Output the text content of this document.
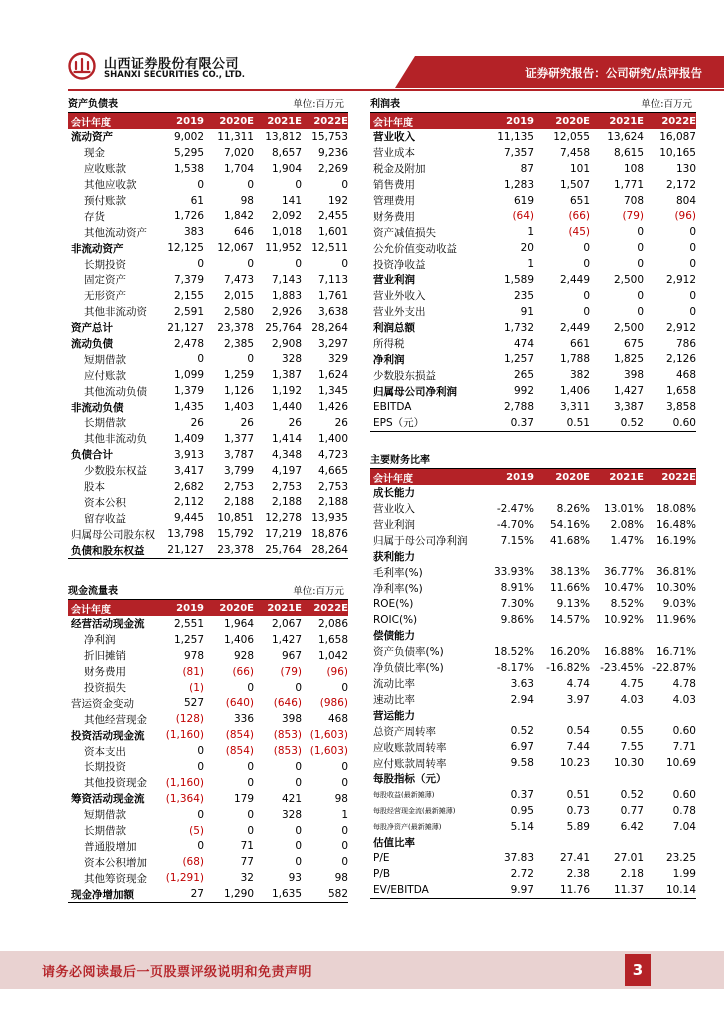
山西证券股份有限公司
SHANXI SECURITIES CO., LTD.	证券研究报告：公司研究/点评报告
资产负债表	单位:百万元
会计年度	2019	2020E	2021E	2022E
流动资产	9,002	11,311	13,812 15,753
现金	5,295	7,020	8,657	9,236
应收账款	1,538	1,704	1,904	2,269
其他应收款	0	0	0	0
预付账款	61	98	141	192
存货	1,726	1,842	2,092	2,455
其他流动资产	383	646	1,018	1,601
非流动资产	12,125	12,067	11,952 12,511
长期投资	0	0	0	0
固定资产	7,379	7,473	7,143	7,113
无形资产	2,155	2,015	1,883	1,761
其他非流动资	2,591	2,580	2,926	3,638
资产总计	21,127	23,378	25,764 28,264
流动负债	2,478	2,385	2,908	3,297
短期借款	0	0	328	329
应付账款	1,099	1,259	1,387	1,624
其他流动负债	1,379	1,126	1,192	1,345
非流动负债	1,435	1,403	1,440	1,426
长期借款	26	26	26	26
其他非流动负	1,409	1,377	1,414	1,400
负债合计	3,913	3,787	4,348	4,723
少数股东权益	3,417	3,799	4,197	4,665
股本	2,682	2,753	2,753	2,753
资本公积	2,112	2,188	2,188	2,188
留存收益	9,445	10,851	12,278 13,935
归属母公司股东权	13,798	15,792	17,219 18,876
负债和股东权益	21,127	23,378	25,764 28,264
利润表	单位:百万元
会计年度	2019	2020E	2021E	2022E
营业收入	11,135	12,055	13,624	16,087
营业成本	7,357	7,458	8,615	10,165
税金及附加	87	101	108	130
销售费用	1,283	1,507	1,771	2,172
管理费用	619	651	708	804
财务费用	(64)	(66)	(79)	(96)
资产减值损失	1	(45)	0	0
公允价值变动收益	20	0	0	0
投资净收益	1	0	0	0
营业利润	1,589	2,449	2,500	2,912
营业外收入	235	0	0	0
营业外支出	91	0	0	0
利润总额	1,732	2,449	2,500	2,912
所得税	474	661	675	786
净利润	1,257	1,788	1,825	2,126
少数股东损益	265	382	398	468
归属母公司净利润	992	1,406	1,427	1,658
EBITDA	2,788	3,311	3,387	3,858
EPS（元）	0.37	0.51	0.52	0.60
主要财务比率
会计年度	2019	2020E	2021E	2022E
成长能力
营业收入	-2.47%	8.26%	13.01%	18.08%
营业利润	-4.70%	54.16%	2.08%	16.48%
归属于母公司净利润	7.15%	41.68%	1.47%	16.19%
获利能力
毛利率(%)	33.93%	38.13%	36.77%	36.81%
净利率(%)	8.91%	11.66%	10.47%	10.30%
ROE(%)	7.30%	9.13%	8.52%	9.03%
ROIC(%)	9.86%	14.57%	10.92%	11.96%
偿债能力
资产负债率(%)	18.52%	16.20%	16.88%	16.71%
净负债比率(%)	-8.17%	-16.82% -23.45% -22.87%
流动比率	3.63	4.74	4.75	4.78
速动比率	2.94	3.97	4.03	4.03
营运能力
总资产周转率	0.52	0.54	0.55	0.60
应收账款周转率	6.97	7.44	7.55	7.71
应付账款周转率	9.58	10.23	10.30	10.69
每股指标（元）
每股收益(最新摊薄)	0.37	0.51	0.52	0.60
每股经营现金流(最新摊薄)	0.95	0.73	0.77	0.78
每股净资产(最新摊薄)	5.14	5.89	6.42	7.04
估值比率
P/E	37.83	27.41	27.01	23.25
P/B	2.72	2.38	2.18	1.99
EV/EBITDA	9.97	11.76	11.37	10.14
现金流量表	单位:百万元
会计年度	2019	2020E	2021E	2022E
经营活动现金流	2,551	1,964	2,067	2,086
净利润	1,257	1,406	1,427	1,658
折旧摊销	978	928	967	1,042
财务费用	(81)	(66)	(79)	(96)
投资损失	(1)	0	0	0
营运资金变动	527	(640)	(646)	(986)
其他经营现金	(128)	336	398	468
投资活动现金流	(1,160)	(854)	(853) (1,603)
资本支出	0	(854)	(853) (1,603)
长期投资	0	0	0	0
其他投资现金	(1,160)	0	0	0
筹资活动现金流	(1,364)	179	421	98
短期借款	0	0	328	1
长期借款	(5)	0	0	0
普通股增加	0	71	0	0
资本公积增加	(68)	77	0	0
其他筹资现金	(1,291)	32	93	98
现金净增加额	27	1,290	1,635	582
请务必阅读最后一页股票评级说明和免责声明	3
